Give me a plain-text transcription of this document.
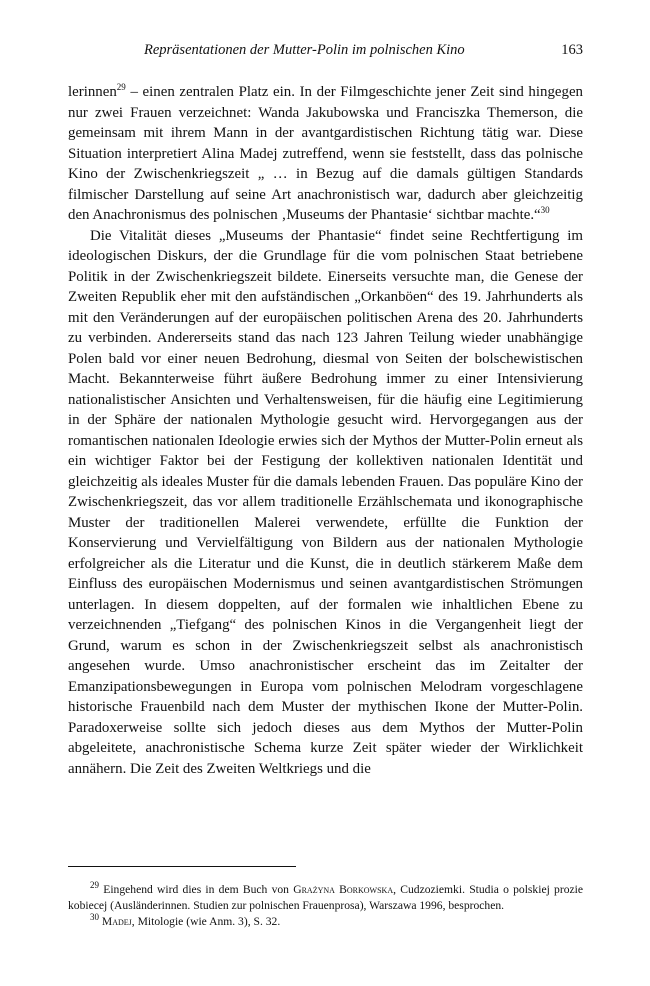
Repräsentationen der Mutter-Polin im polnischen Kino	163

lerinnen$^{29}$ – einen zentralen Platz ein. In der Filmgeschichte jener Zeit sind hingegen nur zwei Frauen verzeichnet: Wanda Jakubowska und Franciszka Themerson, die gemeinsam mit ihrem Mann in der avantgardistischen Richtung tätig war. Diese Situation interpretiert Alina Madej zutreffend, wenn sie feststellt, dass das polnische Kino der Zwischenkriegszeit „ … in Bezug auf die damals gültigen Standards filmischer Darstellung auf seine Art anachronistisch war, dadurch aber gleichzeitig den Anachronismus des polnischen ‚Museums der Phantasie‘ sichtbar machte.“$^{30}$

Die Vitalität dieses „Museums der Phantasie“ findet seine Rechtfertigung im ideologischen Diskurs, der die Grundlage für die vom polnischen Staat betriebene Politik in der Zwischenkriegszeit bildete. Einerseits versuchte man, die Genese der Zweiten Republik eher mit den aufständischen „Orkanböen“ des 19. Jahrhunderts als mit den Veränderungen auf der europäischen politischen Arena des 20. Jahrhunderts zu verbinden. Andererseits stand das nach 123 Jahren Teilung wieder unabhängige Polen bald vor einer neuen Bedrohung, diesmal von Seiten der bolschewistischen Macht. Bekannterweise führt äußere Bedrohung immer zu einer Intensivierung nationalistischer Ansichten und Verhaltensweisen, für die häufig eine Legitimierung in der Sphäre der nationalen Mythologie gesucht wird. Hervorgegangen aus der romantischen nationalen Ideologie erwies sich der Mythos der Mutter-Polin erneut als ein wichtiger Faktor bei der Festigung der kollektiven nationalen Identität und gleichzeitig als ideales Muster für die damals lebenden Frauen. Das populäre Kino der Zwischenkriegszeit, das vor allem traditionelle Erzählschemata und ikonographische Muster der traditionellen Malerei verwendete, erfüllte die Funktion der Konservierung und Vervielfältigung von Bildern aus der nationalen Mythologie erfolgreicher als die Literatur und die Kunst, die in deutlich stärkerem Maße dem Einfluss des europäischen Modernismus und seinen avantgardistischen Strömungen unterlagen. In diesem doppelten, auf der formalen wie inhaltlichen Ebene zu verzeichnenden „Tiefgang“ des polnischen Kinos in die Vergangenheit liegt der Grund, warum es schon in der Zwischenkriegszeit selbst als anachronistisch angesehen wurde. Umso anachronistischer erscheint das im Zeitalter der Emanzipationsbewegungen in Europa vom polnischen Melodram vorgeschlagene historische Frauenbild nach dem Muster der mythischen Ikone der Mutter-Polin. Paradoxerweise sollte sich jedoch dieses aus dem Mythos der Mutter-Polin abgeleitete, anachronistische Schema kurze Zeit später wieder der Wirklichkeit annähern. Die Zeit des Zweiten Weltkriegs und die

$^{29}$ Eingehend wird dies in dem Buch von Grażyna Borkowska, Cudzoziemki. Studia o polskiej prozie kobiecej (Ausländerinnen. Studien zur polnischen Frauenprosa), Warszawa 1996, besprochen.

$^{30}$ Madej, Mitologie (wie Anm. 3), S. 32.
